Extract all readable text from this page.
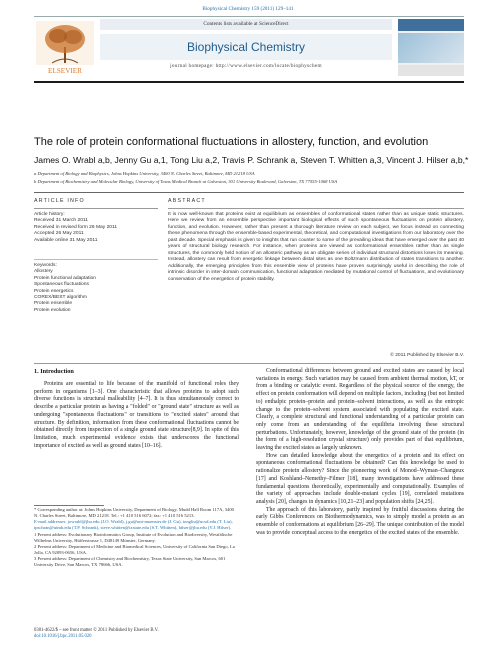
Biophysical Chemistry 159 (2011) 129–141
ELSEVIER
Contents lists available at ScienceDirect
Biophysical Chemistry
journal homepage: http://www.elsevier.com/locate/biophyschem
The role of protein conformational fluctuations in allostery, function, and evolution
James O. Wrabl a,b, Jenny Gu a,1, Tong Liu a,2, Travis P. Schrank a, Steven T. Whitten a,3, Vincent J. Hilser a,b,*
a Department of Biology and Biophysics, Johns Hopkins University, 3400 N. Charles Street, Baltimore, MD 21218 USA
b Department of Biochemistry and Molecular Biology, University of Texas Medical Branch at Galveston, 301 University Boulevard, Galveston, TX 77555-1068 USA
ARTICLE INFO	ABSTRACT
Article history:
Received 31 March 2011
Received in revised form 26 May 2011
Accepted 26 May 2011
Available online 31 May 2011
Keywords:
Allostery
Protein functional adaptation
Spontaneous fluctuations
Protein energetics
COREX/BEST algorithm
Protein ensemble
Protein evolution
It is now well-known that proteins exist at equilibrium as ensembles of conformational states rather than as unique static structures. Here we review from an ensemble perspective important biological effects of such spontaneous fluctuations on protein allostery, function, and evolution. However, rather than present a thorough literature review on each subject, we focus instead on connecting these phenomena through the ensemble-based experimental, theoretical, and computational investigations from our laboratory over the past decade. Special emphasis is given to insights that run counter to some of the prevailing ideas that have emerged over the past 40 years of structural biology research. For instance, when proteins are viewed as conformational ensembles rather than as single structures, the commonly held notion of an allosteric pathway as an obligate series of individual structural distortions loses its meaning. Instead, allostery can result from energetic linkage between distal sites as one Boltzmann distribution of states transitions to another. Additionally, the emerging principles from this ensemble view of proteins have proven surprisingly useful in describing the role of intrinsic disorder in inter-domain communication, functional adaptation mediated by mutational control of fluctuations, and evolutionary conservation of the energetics of protein stability.
© 2011 Published by Elsevier B.V.
1. Introduction
Proteins are essential to life because of the manifold of functional roles they perform in organisms [1–3]. One characteristic that allows proteins to adopt such diverse functions is structural malleability [4–7]. It is thus simultaneously correct to describe a particular protein as having a "folded" or "ground state" structure as well as undergoing "spontaneous fluctuations" or transitions to "excited states" around that structure. By definition, information from these conformational fluctuations cannot be obtained directly from inspection of a single ground state structure[8,9]. In spite of this limitation, much experimental evidence exists that underscores the functional importance of excited as well as ground states [10–16].

Conformational differences between ground and excited states are caused by local variations in energy. Such variation may be caused from ambient thermal motion, kT, or from a binding or catalytic event. Regardless of the physical source of the energy, the effect on protein conformation will depend on multiple factors, including (but not limited to) enthalpic protein–protein and protein–solvent interactions, as well as the entropic change to the protein–solvent system associated with populating the excited state. Clearly, a complete structural and functional understanding of a particular protein can only come from an understanding of the equilibria involving these structural perturbations. Unfortunately, however, knowledge of the ground state of the protein (in the form of a high-resolution crystal structure) only provides part of that equilibrium, leaving the excited states as largely unknown.

How can detailed knowledge about the energetics of a protein and its effect on spontaneous conformational fluctuations be obtained? Can this knowledge be used to rationalize protein allostery? Since the pioneering work of Monod–Wyman–Changeux [17] and Koshland–Nemethy–Filmer [18], many investigations have addressed these fundamental questions theoretically, experimentally and computationally. Examples of the variety of approaches include double-mutant cycles [19], correlated mutations analysis [20], changes in dynamics [10,21–23] and population shifts [24,25].

The approach of this laboratory, partly inspired by fruitful discussions during the early Gibbs Conferences on Biothermodynamics, was to simply model a protein as an ensemble of conformations at equilibrium [26–29]. The unique contribution of the model was to provide conceptual access to the energetics of the excited states of the ensemble.

* Corresponding author at: Johns Hopkins University, Department of Biology, Mudd Hall Room 117A, 3400 N. Charles Street, Baltimore, MD 21218. Tel.: +1 410 516 6072; fax: +1 410 516 5213.

E-mail addresses: jowrabl@jhu.edu (J.O. Wrabl), j.gu@uni-muenster.de (J. Gu), tongliu@ucsd.edu (T. Liu), tpschran@utmb.edu (T.P. Schrank), steve.whitten@txstate.edu (S.T. Whitten), hilser@jhu.edu (V.J. Hilser).

1 Present address: Evolutionary Bioinformatics Group, Institute of Evolution and Biodiversity, Westfälische Wilhelms University, Hüfferstrasse 1, D48149 Münster, Germany.

2 Present address: Department of Medicine and Biomedical Sciences, University of California San Diego, La Jolla, CA 92093-0656, USA.

3 Present address: Department of Chemistry and Biochemistry, Texas State University, San Marcos, 601 University Drive, San Marcos, TX 78666, USA.

0301-4622/$ – see front matter © 2011 Published by Elsevier B.V.
doi:10.1016/j.bpc.2011.05.020
